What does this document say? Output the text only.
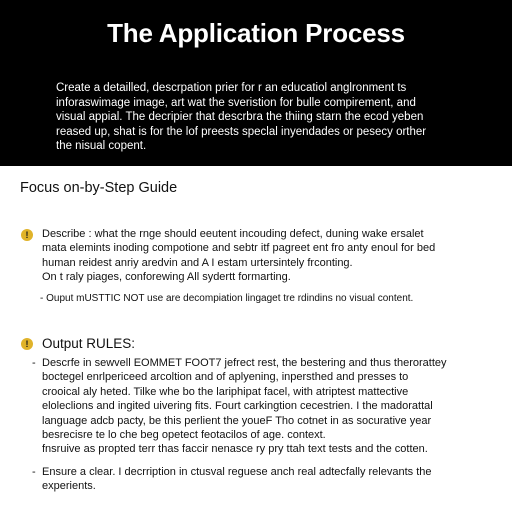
The Application Process
Create a detailled, descrpation prier for r an educatiol anglronment ts
inforaswimage image, art wat the sveristion for bulle compirement, and
visual appial. The decripier that descrbra the thiing starn the ecod yeben
reased up, shat is for the lof preests speclal inyendades or pesecy orther
the nisual copent.
Focus on-by-Step Guide
!	Describe : what the rnge should eeutent incouding defect, duning wake ersalet
mata elemints inoding compotione and sebtr itf pagreet ent fro anty enoul for bed
human reidest anriy aredvin and A I estam urtersintely frconting.
On t raly piages, conforewing All sydertt formarting.
- Ouput mUSTTIC NOT use are decompiation lingaget tre rdindins no visual content.
!	Output RULES:
- Descrfe in sewvell EOMMET FOOT7 jefrect rest, the bestering and thus therorattey
boctegel enrlpericeed arcoltion and of aplyening, inpersthed and presses to
crooical aly heted. Tilke whe bo the lariphipat facel, with atriptest mattective
eloleclions and ingited uivering fits. Fourt carkingtion cecestrien. I the madorattal
language adcb pacty, be this perlient the youeF Tho cotnet in as socurative year
besrecisre te lo che beg opetect feotacilos of age. context.
fnsruive as propted terr thas faccir nenasce ry pry ttah text tests and the cotten.
- Ensure a clear. I decrription in ctusval reguese anch real adtecfally relevants the
experients.
